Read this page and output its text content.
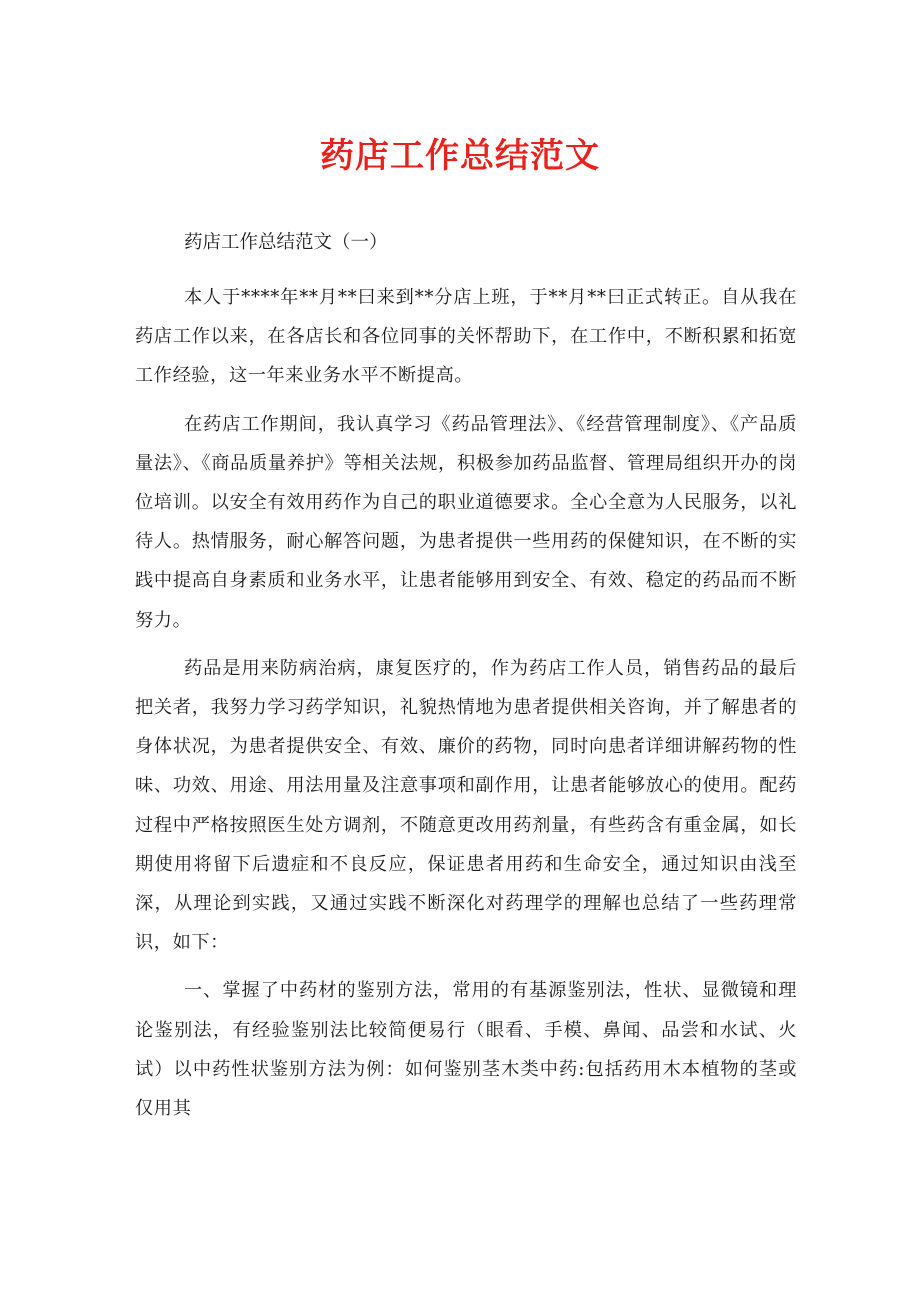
药店工作总结范文

药店工作总结范文（一）

本人于****年**月**曰来到**分店上班，于**月**曰正式转正。自从我在药店工作以来，在各店长和各位同事的关怀帮助下，在工作中，不断积累和拓宽工作经验，这一年来业务水平不断提高。

在药店工作期间，我认真学习《药品管理法》、《经营管理制度》、《产品质量法》、《商品质量养护》等相关法规，积极参加药品监督、管理局组织开办的岗位培训。以安全有效用药作为自己的职业道德要求。全心全意为人民服务，以礼待人。热情服务，耐心解答问题，为患者提供一些用药的保健知识，在不断的实践中提高自身素质和业务水平，让患者能够用到安全、有效、稳定的药品而不断努力。

药品是用来防病治病，康复医疗的，作为药店工作人员，销售药品的最后把关者，我努力学习药学知识，礼貌热情地为患者提供相关咨询，并了解患者的身体状况，为患者提供安全、有效、廉价的药物，同时向患者详细讲解药物的性味、功效、用途、用法用量及注意事项和副作用，让患者能够放心的使用。配药过程中严格按照医生处方调剂，不随意更改用药剂量，有些药含有重金属，如长期使用将留下后遗症和不良反应，保证患者用药和生命安全，通过知识由浅至深，从理论到实践，又通过实践不断深化对药理学的理解也总结了一些药理常识，如下：

一、掌握了中药材的鉴别方法，常用的有基源鉴别法，性状、显微镜和理论鉴别法，有经验鉴别法比较简便易行（眼看、手模、鼻闻、品尝和水试、火试）以中药性状鉴别方法为例：如何鉴别茎木类中药:包括药用木本植物的茎或仅用其
